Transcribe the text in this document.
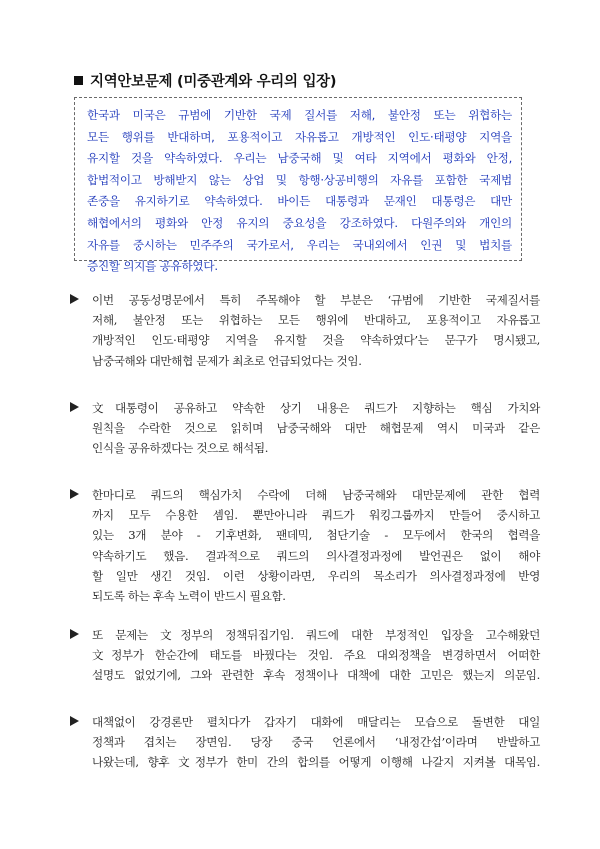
지역안보문제 (미중관계와 우리의 입장)
한국과 미국은 규범에 기반한 국제 질서를 저해, 불안정 또는 위협하는
모든 행위를 반대하며, 포용적이고 자유롭고 개방적인 인도·태평양 지역을
유지할 것을 약속하였다. 우리는 남중국해 및 여타 지역에서 평화와 안정,
합법적이고 방해받지 않는 상업 및 항행·상공비행의 자유를 포함한 국제법
존중을 유지하기로 약속하였다. 바이든 대통령과 문재인 대통령은 대만
해협에서의 평화와 안정 유지의 중요성을 강조하였다. 다원주의와 개인의
자유를 중시하는 민주주의 국가로서, 우리는 국내외에서 인권 및 법치를
증진할 의지를 공유하였다.
이번 공동성명문에서 특히 주목해야 할 부분은 ‘규범에 기반한 국제질서를
저해, 불안정 또는 위협하는 모든 행위에 반대하고, 포용적이고 자유롭고
개방적인 인도·태평양 지역을 유지할 것을 약속하였다’는 문구가 명시됐고,
남중국해와 대만해협 문제가 최초로 언급되었다는 것임.
文대통령이 공유하고 약속한 상기 내용은 쿼드가 지향하는 핵심 가치와
원칙을 수락한 것으로 읽히며 남중국해와 대만 해협문제 역시 미국과 같은
인식을 공유하겠다는 것으로 해석됨.
한마디로 쿼드의 핵심가치 수락에 더해 남중국해와 대만문제에 관한 협력
까지 모두 수용한 셈임. 뿐만아니라 쿼드가 워킹그룹까지 만들어 중시하고
있는 3개 분야 - 기후변화, 팬데믹, 첨단기술 - 모두에서 한국의 협력을
약속하기도 했음. 결과적으로 쿼드의 의사결정과정에 발언권은 없이 해야
할 일만 생긴 것임. 이런 상황이라면, 우리의 목소리가 의사결정과정에 반영
되도록 하는 후속 노력이 반드시 필요함.
또 문제는 文정부의 정책뒤집기임. 쿼드에 대한 부정적인 입장을 고수해왔던
文정부가 한순간에 태도를 바꿨다는 것임. 주요 대외정책을 변경하면서 어떠한
설명도 없었기에, 그와 관련한 후속 정책이나 대책에 대한 고민은 했는지 의문임.
대책없이 강경론만 펼치다가 갑자기 대화에 매달리는 모습으로 돌변한 대일
정책과 겹치는 장면임. 당장 중국 언론에서 ‘내정간섭’이라며 반발하고
나왔는데, 향후 文정부가 한미 간의 합의를 어떻게 이행해 나갈지 지켜볼 대목임.
